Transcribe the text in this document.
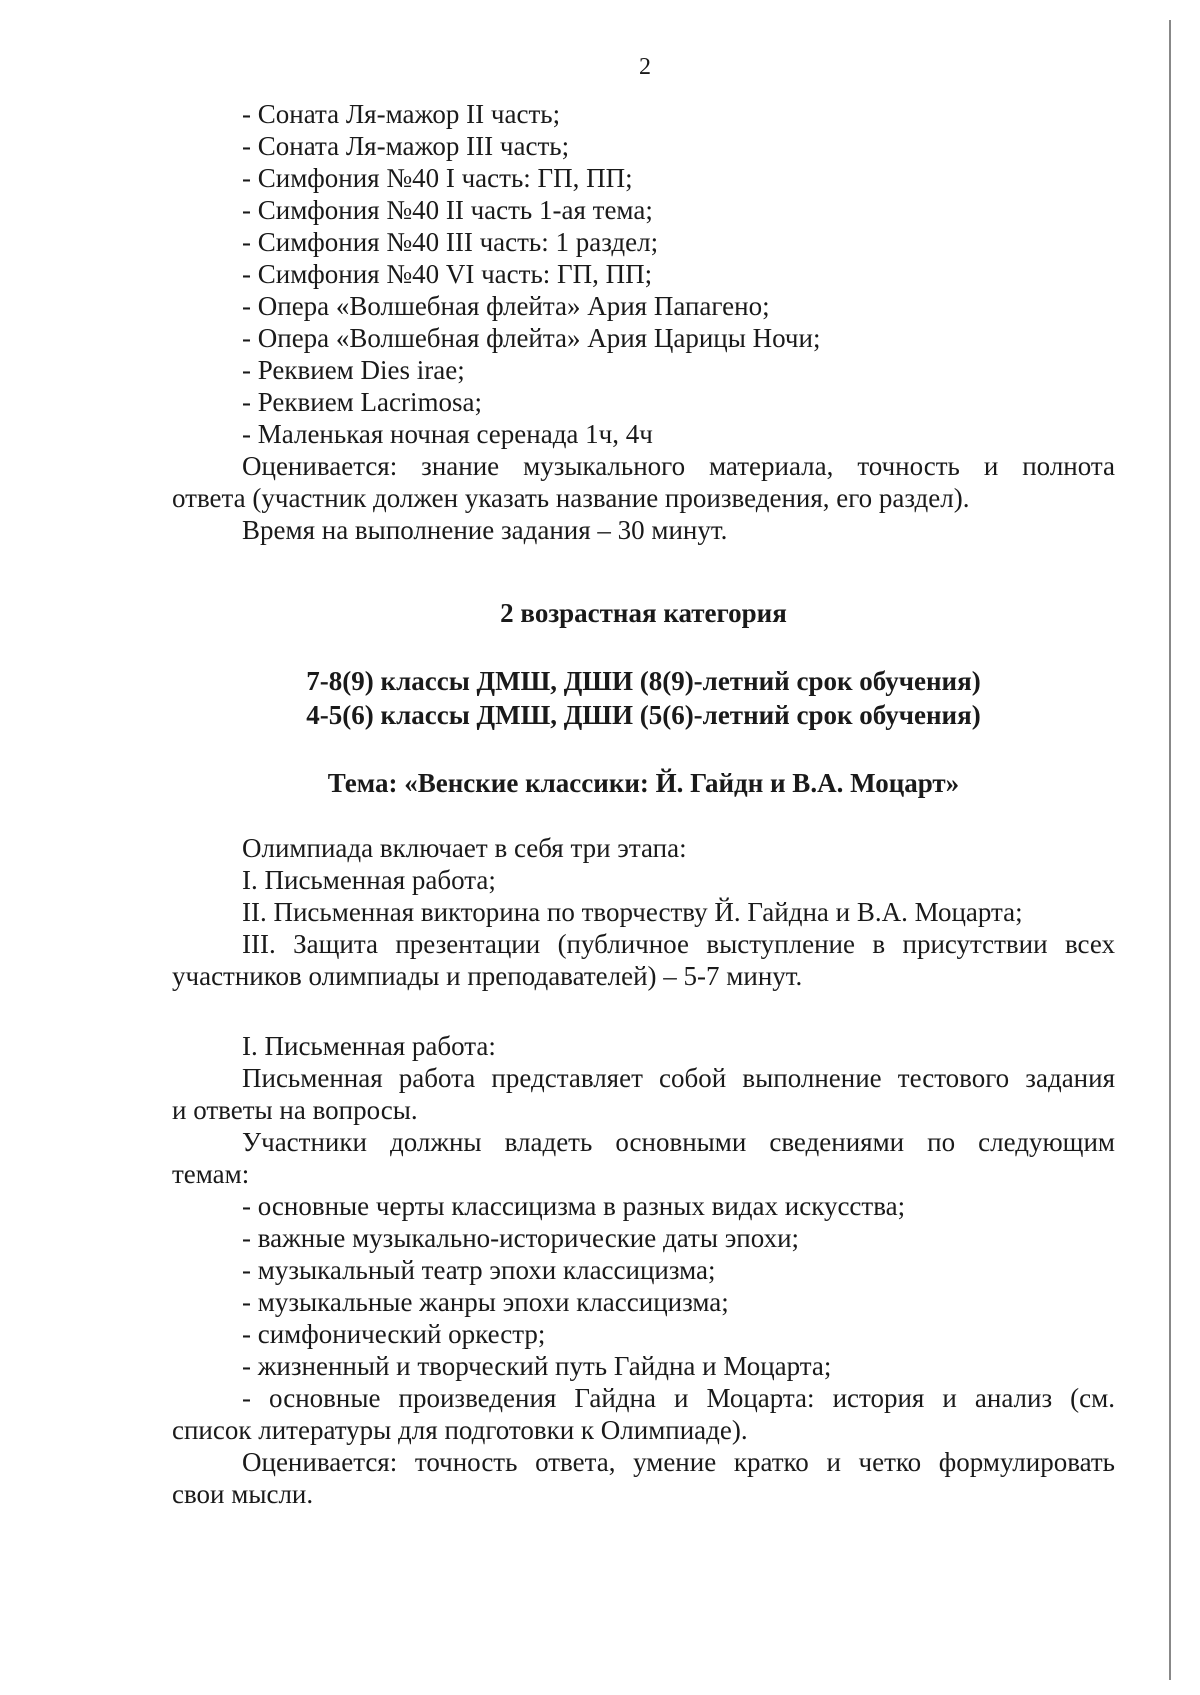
2
- Соната Ля-мажор II часть;
- Соната Ля-мажор III часть;
- Симфония №40 I часть: ГП, ПП;
- Симфония №40 II часть 1-ая тема;
- Симфония №40 III часть: 1 раздел;
- Симфония №40 VI часть: ГП, ПП;
- Опера «Волшебная флейта» Ария Папагено;
- Опера «Волшебная флейта» Ария Царицы Ночи;
- Реквием Dies irae;
- Реквием Lacrimosa;
- Маленькая ночная серенада 1ч, 4ч
Оценивается: знание музыкального материала, точность и полнота
ответа (участник должен указать название произведения, его раздел).
Время на выполнение задания – 30 минут.
2 возрастная категория
7-8(9) классы ДМШ, ДШИ (8(9)-летний срок обучения)
4-5(6) классы ДМШ, ДШИ (5(6)-летний срок обучения)
Тема: «Венские классики: Й. Гайдн и В.А. Моцарт»
Олимпиада включает в себя три этапа:
I. Письменная работа;
II. Письменная викторина по творчеству Й. Гайдна и В.А. Моцарта;
III. Защита презентации (публичное выступление в присутствии всех
участников олимпиады и преподавателей) – 5-7 минут.
I. Письменная работа:
Письменная работа представляет собой выполнение тестового задания
и ответы на вопросы.
Участники должны владеть основными сведениями по следующим
темам:
- основные черты классицизма в разных видах искусства;
- важные музыкально-исторические даты эпохи;
- музыкальный театр эпохи классицизма;
- музыкальные жанры эпохи классицизма;
- симфонический оркестр;
- жизненный и творческий путь Гайдна и Моцарта;
- основные произведения Гайдна и Моцарта: история и анализ (см.
список литературы для подготовки к Олимпиаде).
Оценивается: точность ответа, умение кратко и четко формулировать
свои мысли.
